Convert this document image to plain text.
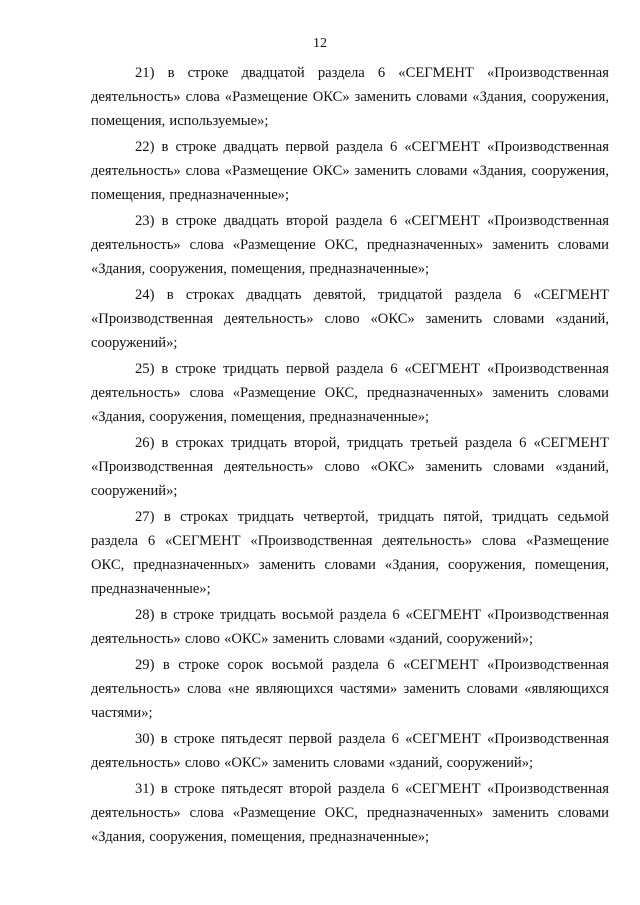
12

21) в строке двадцатой раздела 6 «СЕГМЕНТ «Производственная деятельность» слова «Размещение ОКС» заменить словами «Здания, сооружения, помещения, используемые»;

22) в строке двадцать первой раздела 6 «СЕГМЕНТ «Производственная деятельность» слова «Размещение ОКС» заменить словами «Здания, сооружения, помещения, предназначенные»;

23) в строке двадцать второй раздела 6 «СЕГМЕНТ «Производственная деятельность» слова «Размещение ОКС, предназначенных» заменить словами «Здания, сооружения, помещения, предназначенные»;

24) в строках двадцать девятой, тридцатой раздела 6 «СЕГМЕНТ «Производственная деятельность» слово «ОКС» заменить словами «зданий, сооружений»;

25) в строке тридцать первой раздела 6 «СЕГМЕНТ «Производственная деятельность» слова «Размещение ОКС, предназначенных» заменить словами «Здания, сооружения, помещения, предназначенные»;

26) в строках тридцать второй, тридцать третьей раздела 6 «СЕГМЕНТ «Производственная деятельность» слово «ОКС» заменить словами «зданий, сооружений»;

27) в строках тридцать четвертой, тридцать пятой, тридцать седьмой раздела 6 «СЕГМЕНТ «Производственная деятельность» слова «Размещение ОКС, предназначенных» заменить словами «Здания, сооружения, помещения, предназначенные»;

28) в строке тридцать восьмой раздела 6 «СЕГМЕНТ «Производственная деятельность» слово «ОКС» заменить словами «зданий, сооружений»;

29) в строке сорок восьмой раздела 6 «СЕГМЕНТ «Производственная деятельность» слова «не являющихся частями» заменить словами «являющихся частями»;

30) в строке пятьдесят первой раздела 6 «СЕГМЕНТ «Производственная деятельность» слово «ОКС» заменить словами «зданий, сооружений»;

31) в строке пятьдесят второй раздела 6 «СЕГМЕНТ «Производственная деятельность» слова «Размещение ОКС, предназначенных» заменить словами «Здания, сооружения, помещения, предназначенные»;
